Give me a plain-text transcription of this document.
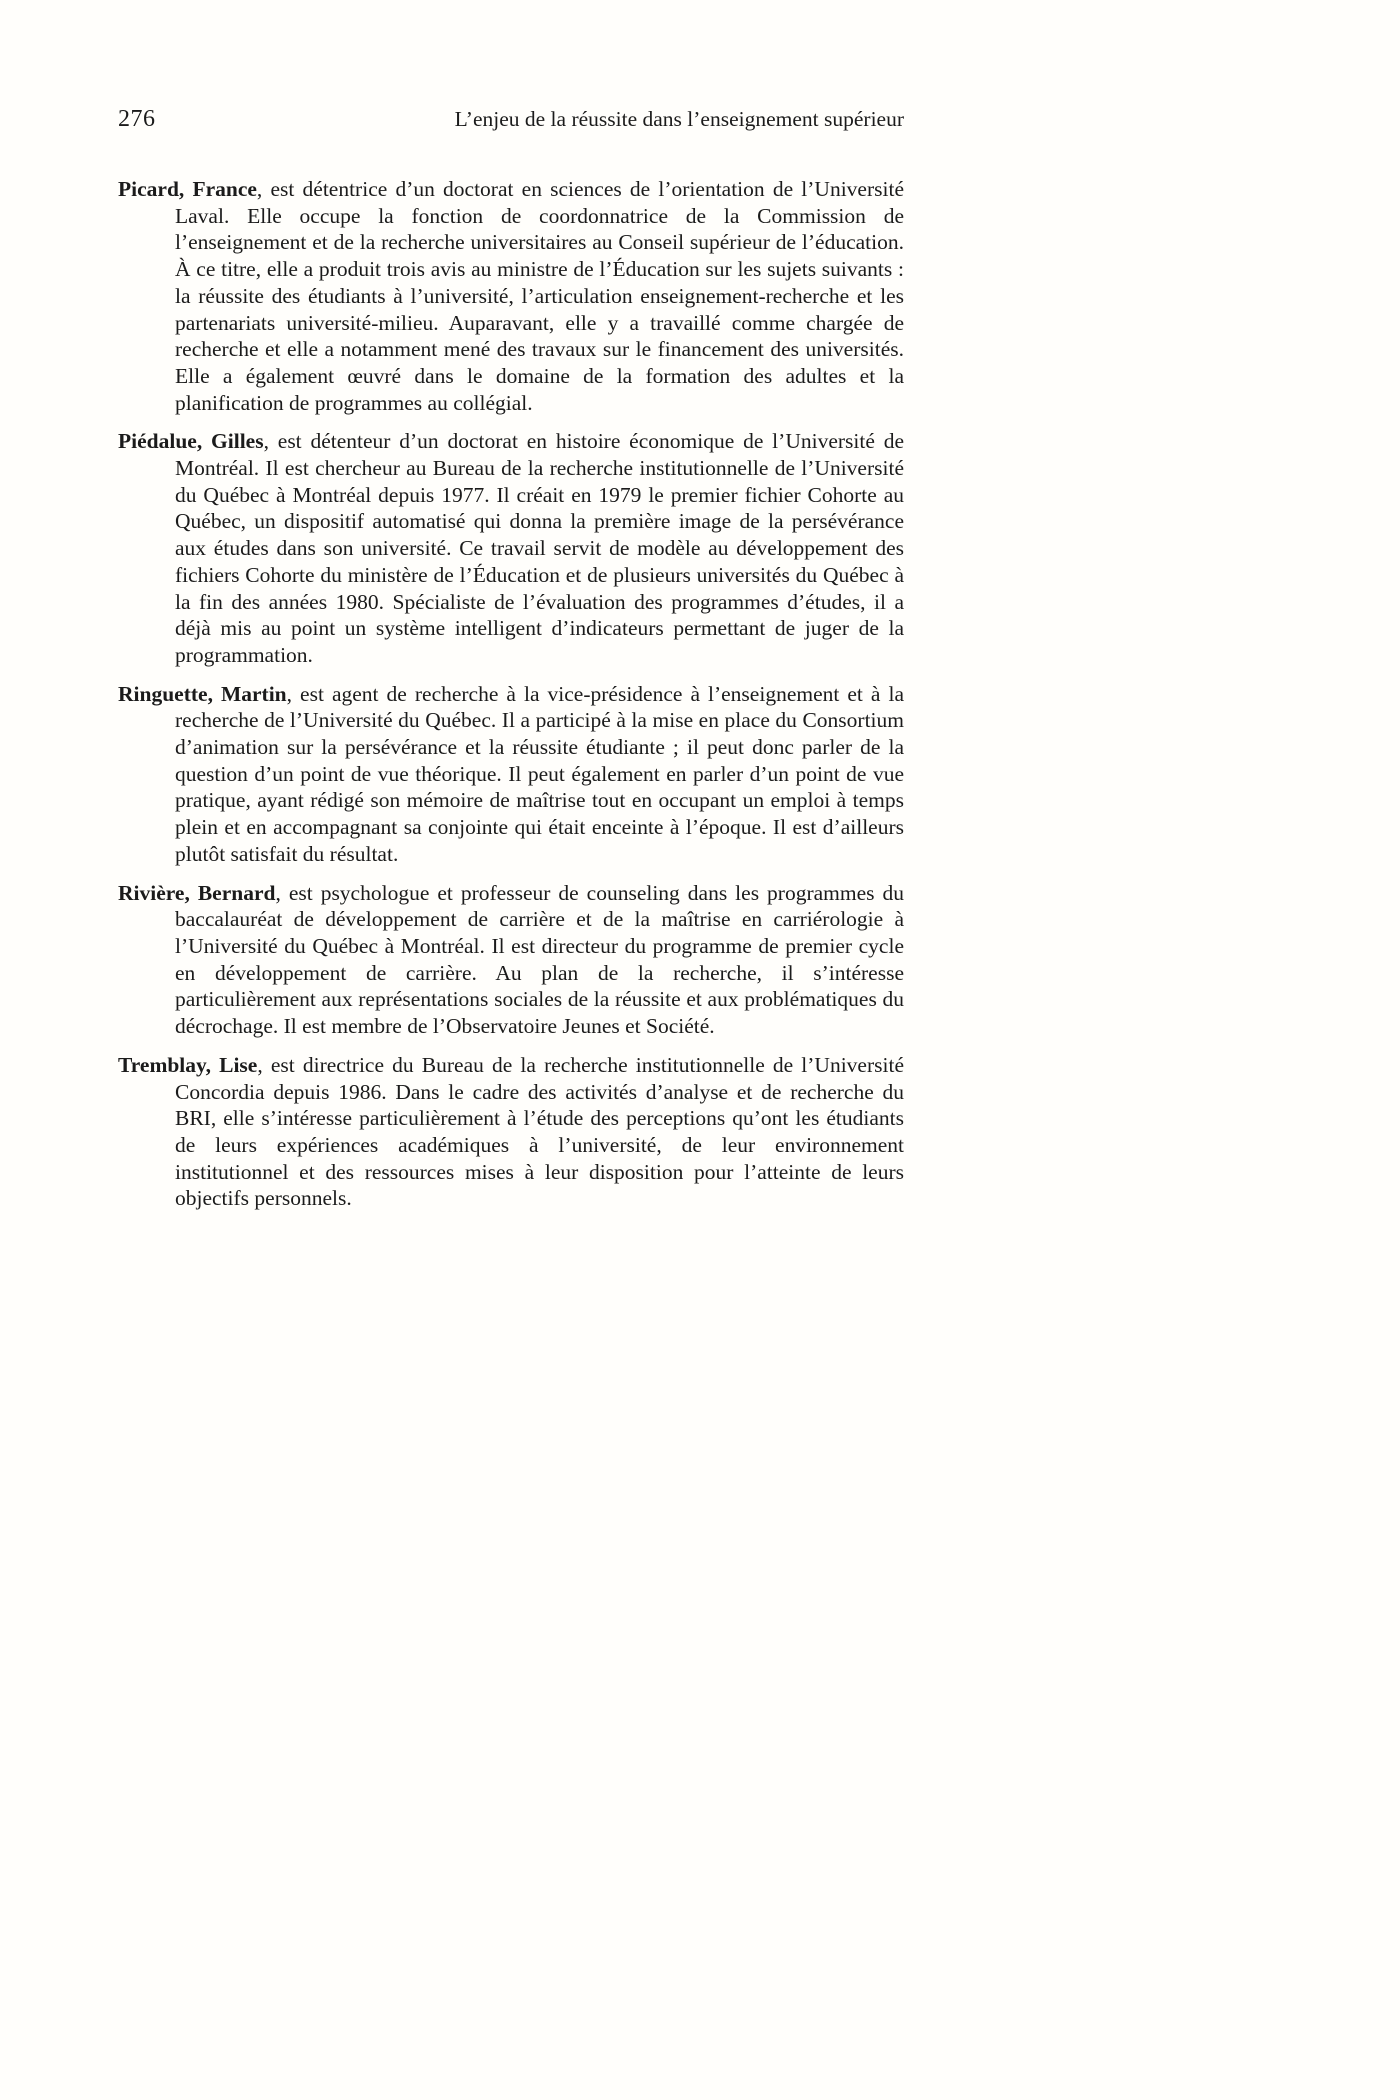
276	L’enjeu de la réussite dans l’enseignement supérieur

Picard, France, est détentrice d’un doctorat en sciences de l’orientation de l’Université Laval. Elle occupe la fonction de coordonnatrice de la Commission de l’enseignement et de la recherche universitaires au Conseil supérieur de l’éducation. À ce titre, elle a produit trois avis au ministre de l’Éducation sur les sujets suivants : la réussite des étudiants à l’université, l’articulation enseignement-recherche et les partenariats université-milieu. Auparavant, elle y a travaillé comme chargée de recherche et elle a notamment mené des travaux sur le financement des universités. Elle a également œuvré dans le domaine de la formation des adultes et la planification de programmes au collégial.

Piédalue, Gilles, est détenteur d’un doctorat en histoire économique de l’Université de Montréal. Il est chercheur au Bureau de la recherche institutionnelle de l’Université du Québec à Montréal depuis 1977. Il créait en 1979 le premier fichier Cohorte au Québec, un dispositif automatisé qui donna la première image de la persévérance aux études dans son université. Ce travail servit de modèle au développement des fichiers Cohorte du ministère de l’Éducation et de plusieurs universités du Québec à la fin des années 1980. Spécialiste de l’évaluation des programmes d’études, il a déjà mis au point un système intelligent d’indicateurs permettant de juger de la programmation.

Ringuette, Martin, est agent de recherche à la vice-présidence à l’enseignement et à la recherche de l’Université du Québec. Il a participé à la mise en place du Consortium d’animation sur la persévérance et la réussite étudiante ; il peut donc parler de la question d’un point de vue théorique. Il peut également en parler d’un point de vue pratique, ayant rédigé son mémoire de maîtrise tout en occupant un emploi à temps plein et en accompagnant sa conjointe qui était enceinte à l’époque. Il est d’ailleurs plutôt satisfait du résultat.

Rivière, Bernard, est psychologue et professeur de counseling dans les programmes du baccalauréat de développement de carrière et de la maîtrise en carriérologie à l’Université du Québec à Montréal. Il est directeur du programme de premier cycle en développement de carrière. Au plan de la recherche, il s’intéresse particulièrement aux représentations sociales de la réussite et aux problématiques du décrochage. Il est membre de l’Observatoire Jeunes et Société.

Tremblay, Lise, est directrice du Bureau de la recherche institutionnelle de l’Université Concordia depuis 1986. Dans le cadre des activités d’analyse et de recherche du BRI, elle s’intéresse particulièrement à l’étude des perceptions qu’ont les étudiants de leurs expériences académiques à l’université, de leur environnement institutionnel et des ressources mises à leur disposition pour l’atteinte de leurs objectifs personnels.
